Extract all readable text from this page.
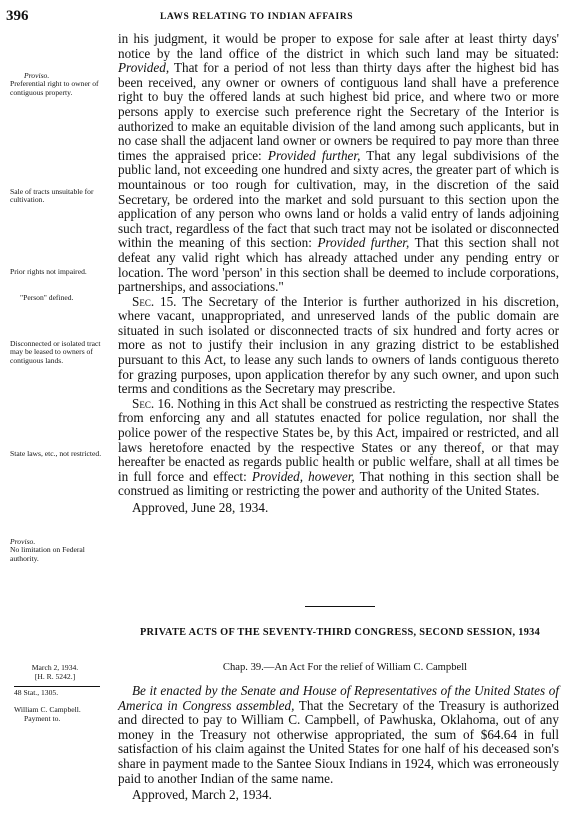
396	LAWS RELATING TO INDIAN AFFAIRS
Proviso.
Preferential right to owner of contiguous property.
Sale of tracts unsuitable for cultivation.
Prior rights not impaired.
"Person" defined.
Disconnected or isolated tract may be leased to owners of contiguous lands.
State laws, etc., not restricted.
Proviso.
No limitation on Federal authority.

in his judgment, it would be proper to expose for sale after at least thirty days' notice by the land office of the district in which such land may be situated: Provided, That for a period of not less than thirty days after the highest bid has been received, any owner or owners of contiguous land shall have a preference right to buy the offered lands at such highest bid price, and where two or more persons apply to exercise such preference right the Secretary of the Interior is authorized to make an equitable division of the land among such applicants, but in no case shall the adjacent land owner or owners be required to pay more than three times the appraised price: Provided further, That any legal subdivisions of the public land, not exceeding one hundred and sixty acres, the greater part of which is mountainous or too rough for cultivation, may, in the discretion of the said Secretary, be ordered into the market and sold pursuant to this section upon the application of any person who owns land or holds a valid entry of lands adjoining such tract, regardless of the fact that such tract may not be isolated or disconnected within the meaning of this section: Provided further, That this section shall not defeat any valid right which has already attached under any pending entry or location. The word 'person' in this section shall be deemed to include corporations, partnerships, and associations."

Sec. 15. The Secretary of the Interior is further authorized in his discretion, where vacant, unappropriated, and unreserved lands of the public domain are situated in such isolated or disconnected tracts of six hundred and forty acres or more as not to justify their inclusion in any grazing district to be established pursuant to this Act, to lease any such lands to owners of lands contiguous thereto for grazing purposes, upon application therefor by any such owner, and upon such terms and conditions as the Secretary may prescribe.

Sec. 16. Nothing in this Act shall be construed as restricting the respective States from enforcing any and all statutes enacted for police regulation, nor shall the police power of the respective States be, by this Act, impaired or restricted, and all laws heretofore enacted by the respective States or any thereof, or that may hereafter be enacted as regards public health or public welfare, shall at all times be in full force and effect: Provided, however, That nothing in this section shall be construed as limiting or restricting the power and authority of the United States.

Approved, June 28, 1934.

PRIVATE ACTS OF THE SEVENTY-THIRD CONGRESS, SECOND SESSION, 1934
March 2, 1934.
[H. R. 5242.]
48 Stat., 1305.
William C. Campbell.
Payment to.
Chap. 39.—An Act For the relief of William C. Campbell

Be it enacted by the Senate and House of Representatives of the United States of America in Congress assembled, That the Secretary of the Treasury is authorized and directed to pay to William C. Campbell, of Pawhuska, Oklahoma, out of any money in the Treasury not otherwise appropriated, the sum of $64.64 in full satisfaction of his claim against the United States for one half of his deceased son's share in payment made to the Santee Sioux Indians in 1924, which was erroneously paid to another Indian of the same name.

Approved, March 2, 1934.
